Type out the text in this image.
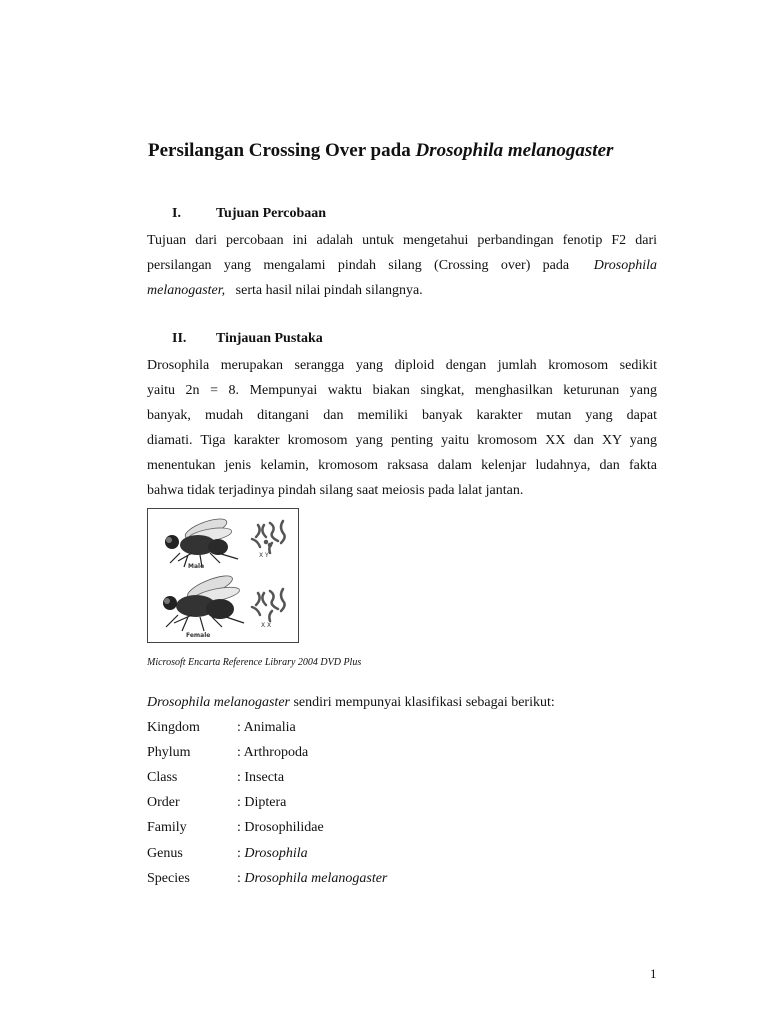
Persilangan Crossing Over pada Drosophila melanogaster
I.	Tujuan Percobaan
Tujuan dari percobaan ini adalah untuk mengetahui perbandingan fenotip F2 dari
persilangan yang mengalami pindah silang (Crossing over) pada Drosophila
melanogaster, serta hasil nilai pindah silangnya.
II. Tinjauan Pustaka
Drosophila merupakan serangga yang diploid dengan jumlah kromosom sedikit
yaitu 2n = 8. Mempunyai waktu biakan singkat, menghasilkan keturunan yang
banyak, mudah ditangani dan memiliki banyak karakter mutan yang dapat
diamati. Tiga karakter kromosom yang penting yaitu kromosom XX dan XY yang
menentukan jenis kelamin, kromosom raksasa dalam kelenjar ludahnya, dan fakta
bahwa tidak terjadinya pindah silang saat meiosis pada lalat jantan.
X Y
Male
X X
Female
Microsoft Encarta Reference Library 2004 DVD Plus
Drosophila melanogaster sendiri mempunyai klasifikasi sebagai berikut:
Kingdom	: Animalia
Phylum	: Arthropoda
Class	: Insecta
Order	: Diptera
Family	: Drosophilidae
Genus	: Drosophila
Species	: Drosophila melanogaster
1
